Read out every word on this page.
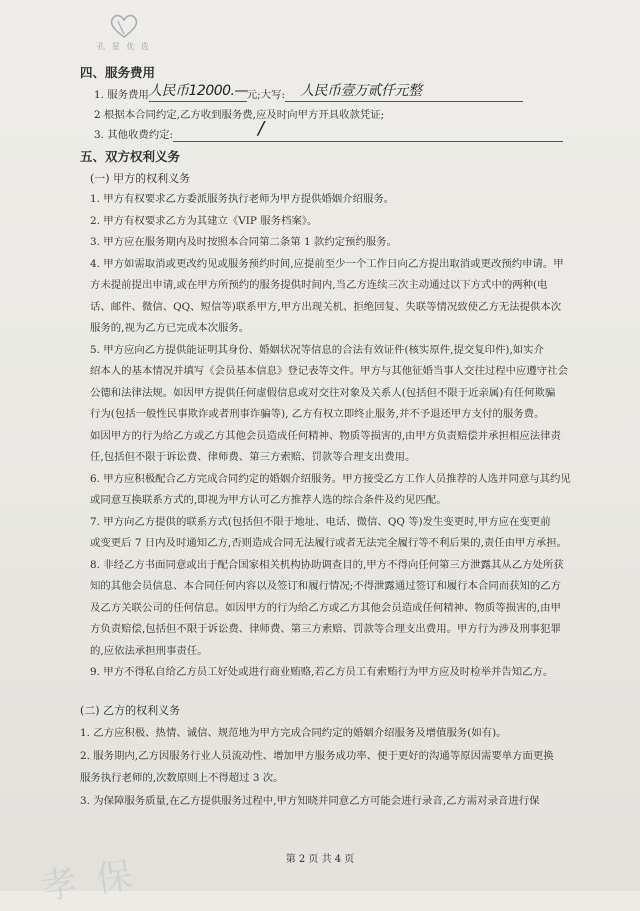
孔 星 优 选
四、服务费用
1. 服务费用	元;大写:
人民币12000.—	人民币壹万贰仟元整
2 根据本合同约定,乙方收到服务费,应及时向甲方开具收款凭证;
3. 其他收费约定:	/
五、双方权利义务
(一) 甲方的权利义务
1. 甲方有权要求乙方委派服务执行老师为甲方提供婚姻介绍服务。
2. 甲方有权要求乙方为其建立《VIP 服务档案》。
3. 甲方应在服务期内及时按照本合同第二条第 1 款约定预约服务。
4. 甲方如需取消或更改约见或服务预约时间,应提前至少一个工作日向乙方提出取消或更改预约申请。甲
方未提前提出申请,或在甲方所预约的服务提供时间内,当乙方连续三次主动通过以下方式中的两种(电
话、邮件、微信、QQ、短信等)联系甲方,甲方出现关机、拒绝回复、失联等情况致使乙方无法提供本次
服务的,视为乙方已完成本次服务。
5. 甲方应向乙方提供能证明其身份、婚姻状况等信息的合法有效证件(核实原件,提交复印件),如实介
绍本人的基本情况并填写《会员基本信息》登记表等文件。甲方与其他征婚当事人交往过程中应遵守社会
公德和法律法规。如因甲方提供任何虚假信息或对交往对象及关系人(包括但不限于近亲属)有任何欺骗
行为(包括一般性民事欺诈或者刑事诈骗等), 乙方有权立即终止服务,并不予退还甲方支付的服务费。
如因甲方的行为给乙方或乙方其他会员造成任何精神、物质等损害的,由甲方负责赔偿并承担相应法律责
任,包括但不限于诉讼费、律师费、第三方索赔、罚款等合理支出费用。
6. 甲方应积极配合乙方完成合同约定的婚姻介绍服务。甲方接受乙方工作人员推荐的人选并同意与其约见
或同意互换联系方式的,即视为甲方认可乙方推荐人选的综合条件及约见匹配。
7. 甲方向乙方提供的联系方式(包括但不限于地址、电话、微信、QQ 等)发生变更时,甲方应在变更前
或变更后 7 日内及时通知乙方,否则造成合同无法履行或者无法完全履行等不利后果的,责任由甲方承担。
8. 非经乙方书面同意或出于配合国家相关机构协助调查目的,甲方不得向任何第三方泄露其从乙方处所获
知的其他会员信息、本合同任何内容以及签订和履行情况;不得泄露通过签订和履行本合同而获知的乙方
及乙方关联公司的任何信息。如因甲方的行为给乙方或乙方其他会员造成任何精神、物质等损害的,由甲
方负责赔偿,包括但不限于诉讼费、律师费、第三方索赔、罚款等合理支出费用。甲方行为涉及刑事犯罪
的,应依法承担刑事责任。
9. 甲方不得私自给乙方员工好处或进行商业贿赂,若乙方员工有索贿行为甲方应及时检举并告知乙方。
(二) 乙方的权利义务
1. 乙方应积极、热情、诚信、规范地为甲方完成合同约定的婚姻介绍服务及增值服务(如有)。
2. 服务期内,乙方因服务行业人员流动性、增加甲方服务成功率、便于更好的沟通等原因需要单方面更换
服务执行老师的,次数原则上不得超过 3 次。
3. 为保障服务质量,在乙方提供服务过程中,甲方知晓并同意乙方可能会进行录音,乙方需对录音进行保
孝保	第 2 页 共 4 页
